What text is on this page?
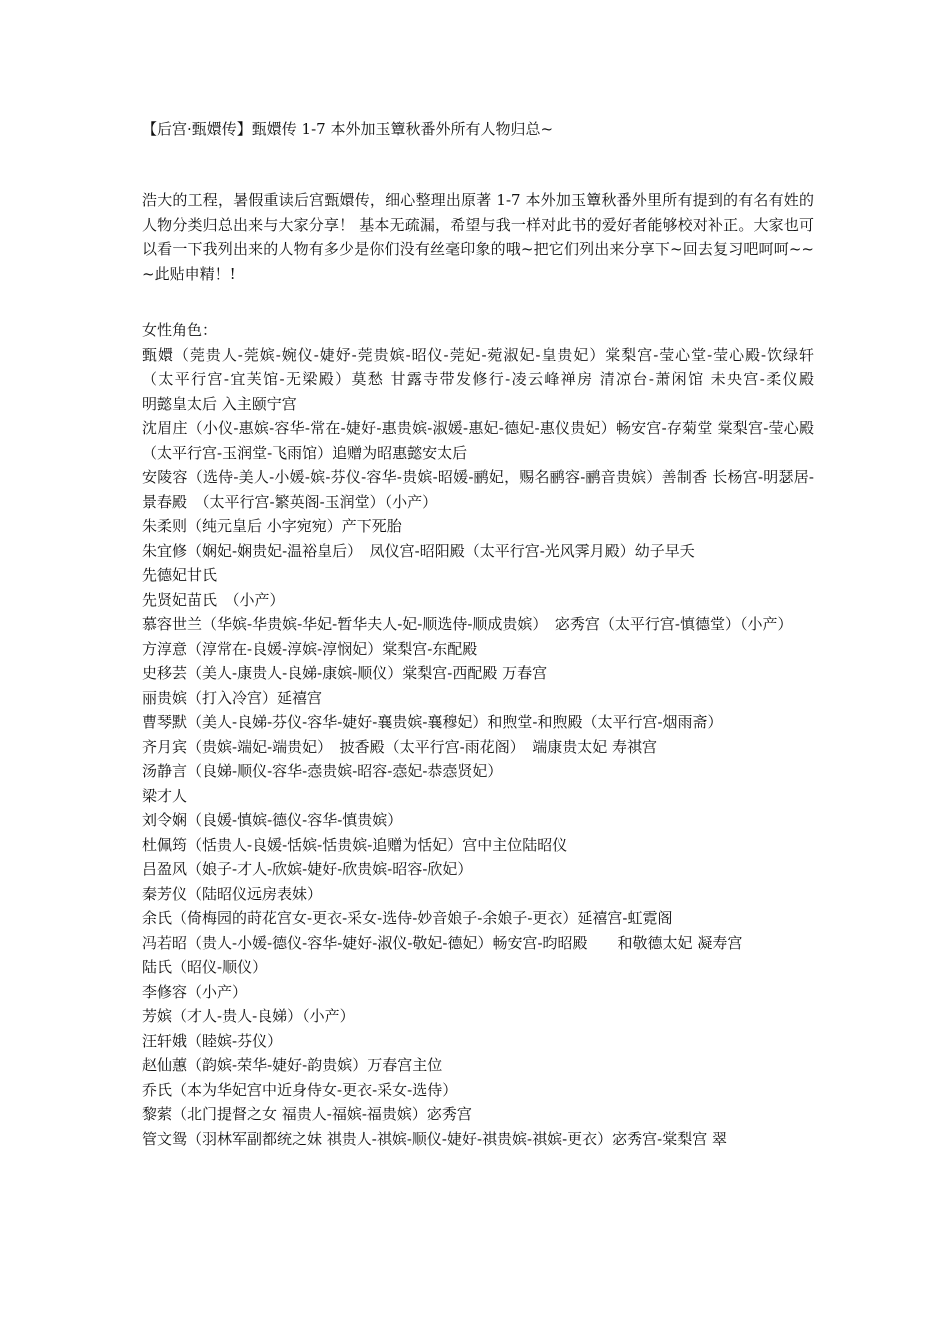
【后宫·甄嬛传】甄嬛传 1-7 本外加玉簟秋番外所有人物归总~
浩大的工程，暑假重读后宫甄嬛传，细心整理出原著 1-7 本外加玉簟秋番外里所有提到的有名有姓的人物分类归总出来与大家分享！ 基本无疏漏，希望与我一样对此书的爱好者能够校对补正。大家也可以看一下我列出来的人物有多少是你们没有丝毫印象的哦~把它们列出来分享下~回去复习吧呵呵~~~此贴申精！!
女性角色：
甄嬛（莞贵人-莞嫔-婉仪-婕妤-莞贵嫔-昭仪-莞妃-菀淑妃-皇贵妃）棠梨宫-莹心堂-莹心殿-饮绿轩　　　　（太平行宫-宜芙馆-无梁殿）莫愁 甘露寺带发修行-凌云峰禅房 清凉台-萧闲馆 未央宫-柔仪殿　　　　明懿皇太后 入主颐宁宫
沈眉庄（小仪-惠嫔-容华-常在-婕好-惠贵嫔-淑媛-惠妃-德妃-惠仪贵妃）畅安宫-存菊堂 棠梨宫-莹心殿（太平行宫-玉润堂-飞雨馆）追赠为昭惠懿安太后
安陵容（选侍-美人-小媛-嫔-芬仪-容华-贵嫔-昭媛-鹂妃，赐名鹂容-鹂音贵嫔）善制香 长杨宫-明瑟居-景春殿　（太平行宫-繁英阁-玉润堂）（小产）
朱柔则（纯元皇后 小字宛宛）产下死胎
朱宜修（娴妃-娴贵妃-温裕皇后）　凤仪宫-昭阳殿（太平行宫-光风霁月殿）幼子早夭
先德妃甘氏
先贤妃苗氏　（小产）
慕容世兰（华嫔-华贵嫔-华妃-暂华夫人-妃-顺选侍-顺成贵嫔）　宓秀宫（太平行宫-慎德堂）（小产）
方淳意（淳常在-良媛-淳嫔-淳悯妃）棠梨宫-东配殿
史移芸（美人-康贵人-良娣-康嫔-顺仪）棠梨宫-西配殿 万春宫
丽贵嫔（打入冷宫）延禧宫
曹琴默（美人-良娣-芬仪-容华-婕好-襄贵嫔-襄穆妃）和煦堂-和煦殿（太平行宫-烟雨斋）
齐月宾（贵嫔-端妃-端贵妃）　披香殿（太平行宫-雨花阁）　端康贵太妃 寿祺宫
汤静言（良娣-顺仪-容华-悫贵嫔-昭容-悫妃-恭悫贤妃）
梁才人
刘令娴（良媛-慎嫔-德仪-容华-慎贵嫔）
杜佩筠（恬贵人-良媛-恬嫔-恬贵嫔-追赠为恬妃）宫中主位陆昭仪
吕盈风（娘子-才人-欣嫔-婕好-欣贵嫔-昭容-欣妃）
秦芳仪（陆昭仪远房表妹）
余氏（倚梅园的莳花宫女-更衣-采女-选侍-妙音娘子-余娘子-更衣）延禧宫-虹霓阁
冯若昭（贵人-小媛-德仪-容华-婕好-淑仪-敬妃-德妃）畅安宫-昀昭殿　　和敬德太妃 凝寿宫
陆氏（昭仪-顺仪）
李修容（小产）
芳嫔（才人-贵人-良娣）（小产）
汪轩娥（睦嫔-芬仪）
赵仙蕙（韵嫔-荣华-婕好-韵贵嫔）万春宫主位
乔氏（本为华妃宫中近身侍女-更衣-采女-选侍）
黎萦（北门提督之女 福贵人-福嫔-福贵嫔）宓秀宫
管文鸳（羽林军副都统之妹 祺贵人-祺嫔-顺仪-婕好-祺贵嫔-祺嫔-更衣）宓秀宫-棠梨宫 翠
